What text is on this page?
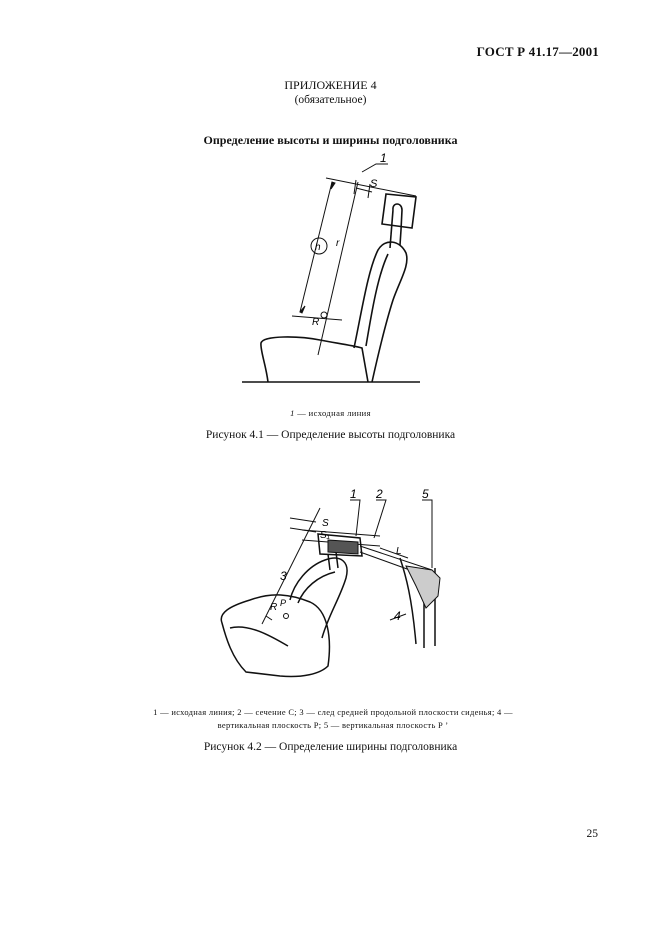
ГОСТ Р 41.17—2001
ПРИЛОЖЕНИЕ 4
(обязательное)
Определение высоты и ширины подголовника
1
S
h r
R
1 — исходная линия
Рисунок 4.1 — Определение высоты подголовника
1 2	5
S
S₁
L
3
R P
4
1 — исходная линия; 2 — сечение С; 3 — след средней продольной плоскости сиденья; 4 —
вертикальная плоскость P; 5 — вертикальная плоскость P ’
Рисунок 4.2 — Определение ширины подголовника
25
